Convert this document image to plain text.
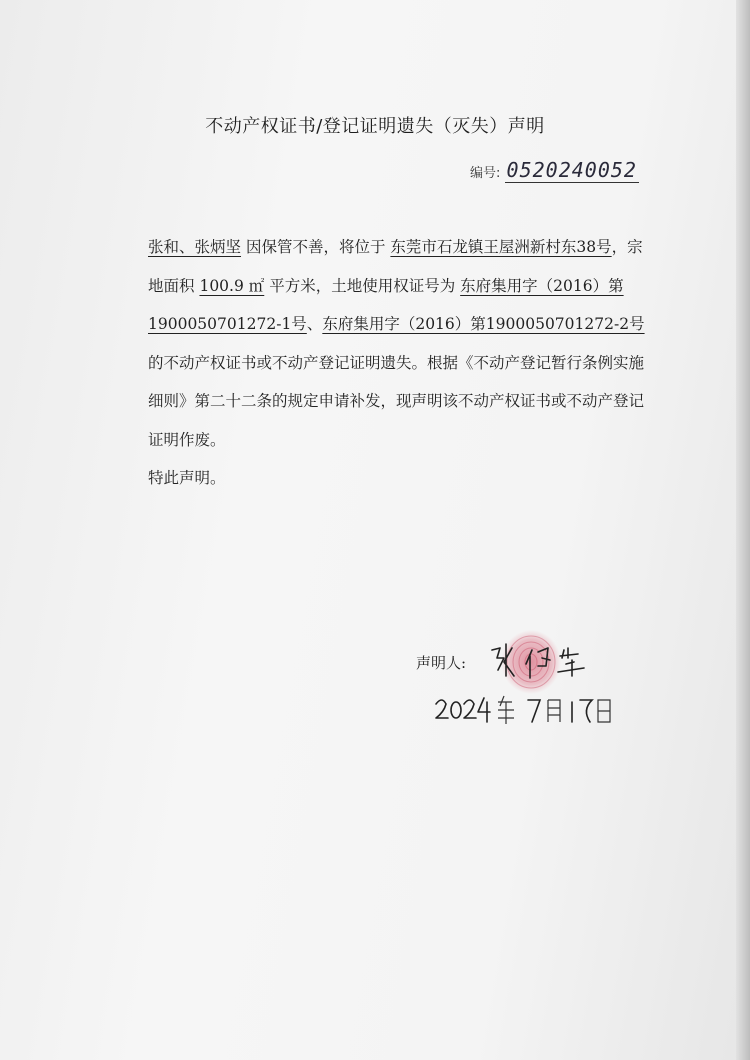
不动产权证书/登记证明遗失（灭失）声明
编号: 0520240052

张和、张炳坚 因保管不善，将位于 东莞市石龙镇王屋洲新村东38号，宗地面积 100.9 ㎡ 平方米，土地使用权证号为 东府集用字（2016）第1900050701272-1号、东府集用字（2016）第1900050701272-2号 的不动产权证书或不动产登记证明遗失。根据《不动产登记暂行条例实施细则》第二十二条的规定申请补发，现声明该不动产权证书或不动产登记证明作废。

特此声明。
声明人:
